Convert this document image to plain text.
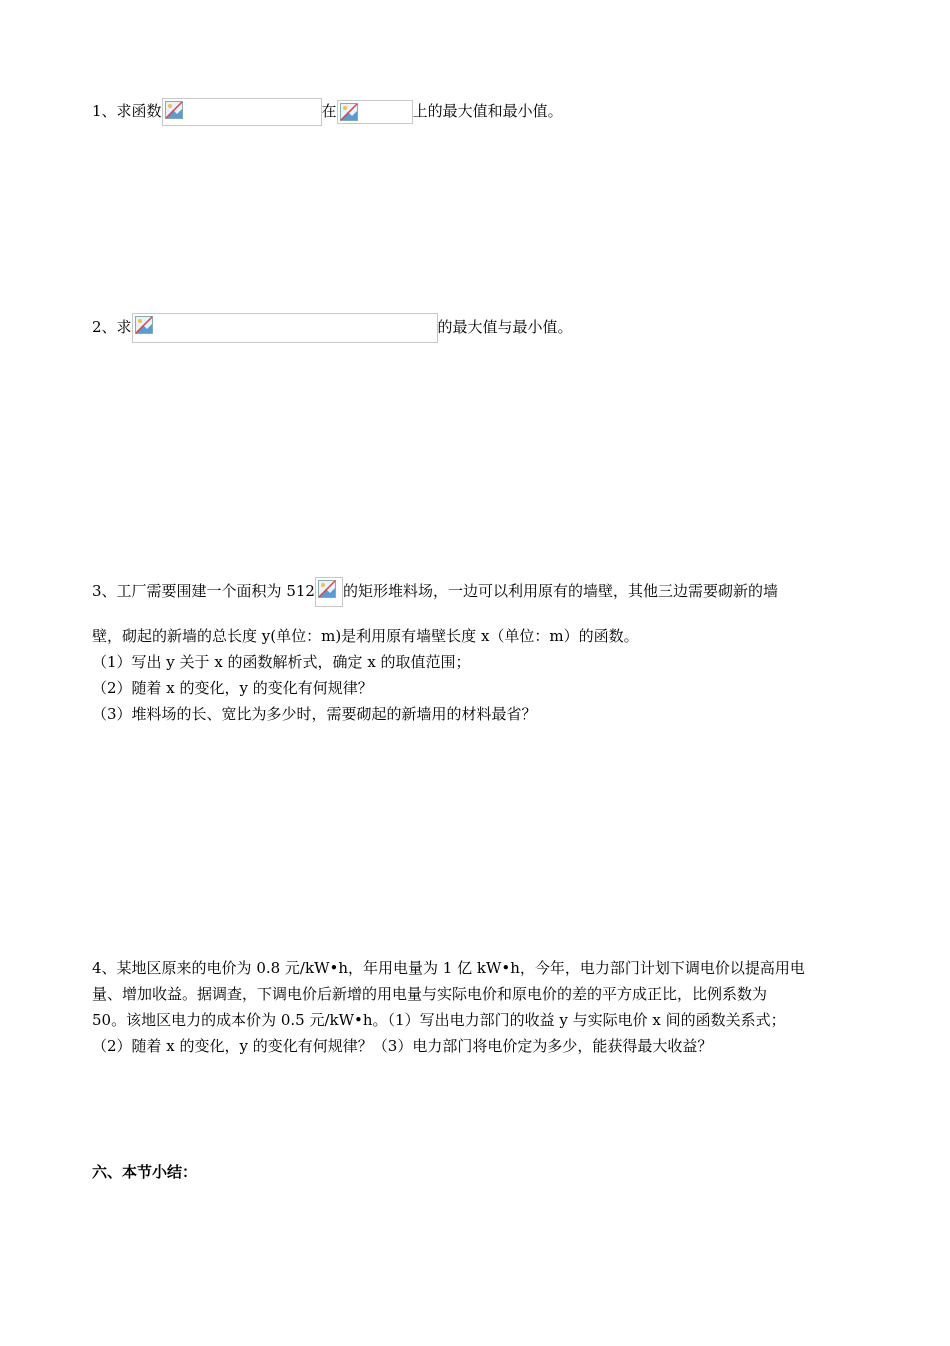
1、求函数	在	上的最大值和最小值。
2、求	的最大值与最小值。
3、工厂需要围建一个面积为 512 的矩形堆料场，一边可以利用原有的墙壁，其他三边需要砌新的墙
壁，砌起的新墙的总长度 y(单位：m)是利用原有墙壁长度 x（单位：m）的函数。
（1）写出 y 关于 x 的函数解析式，确定 x 的取值范围；
（2）随着 x 的变化，y 的变化有何规律？
（3）堆料场的长、宽比为多少时，需要砌起的新墙用的材料最省？
4、某地区原来的电价为 0.8 元/kW•h，年用电量为 1 亿 kW•h，今年，电力部门计划下调电价以提高用电
量、增加收益。据调查，下调电价后新增的用电量与实际电价和原电价的差的平方成正比，比例系数为
50。该地区电力的成本价为 0.5 元/kW•h。（1）写出电力部门的收益 y 与实际电价 x 间的函数关系式；
（2）随着 x 的变化，y 的变化有何规律？（3）电力部门将电价定为多少，能获得最大收益？
六、本节小结：
